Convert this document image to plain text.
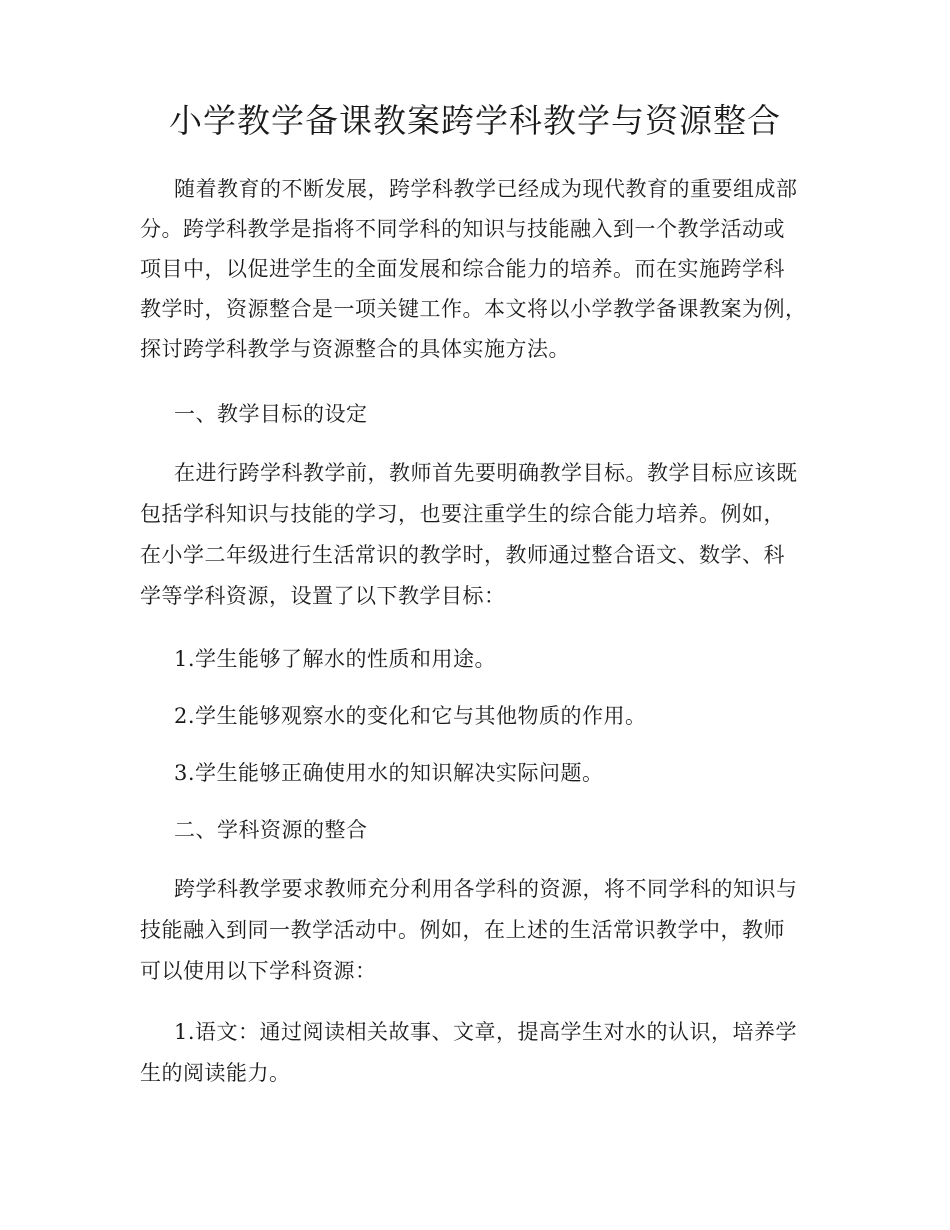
小学教学备课教案跨学科教学与资源整合
随着教育的不断发展，跨学科教学已经成为现代教育的重要组成部
分。跨学科教学是指将不同学科的知识与技能融入到一个教学活动或
项目中，以促进学生的全面发展和综合能力的培养。而在实施跨学科
教学时，资源整合是一项关键工作。本文将以小学教学备课教案为例，
探讨跨学科教学与资源整合的具体实施方法。
一、教学目标的设定
在进行跨学科教学前，教师首先要明确教学目标。教学目标应该既
包括学科知识与技能的学习，也要注重学生的综合能力培养。例如，
在小学二年级进行生活常识的教学时，教师通过整合语文、数学、科
学等学科资源，设置了以下教学目标：
1.学生能够了解水的性质和用途。
2.学生能够观察水的变化和它与其他物质的作用。
3.学生能够正确使用水的知识解决实际问题。
二、学科资源的整合
跨学科教学要求教师充分利用各学科的资源，将不同学科的知识与
技能融入到同一教学活动中。例如，在上述的生活常识教学中，教师
可以使用以下学科资源：
1.语文：通过阅读相关故事、文章，提高学生对水的认识，培养学
生的阅读能力。
